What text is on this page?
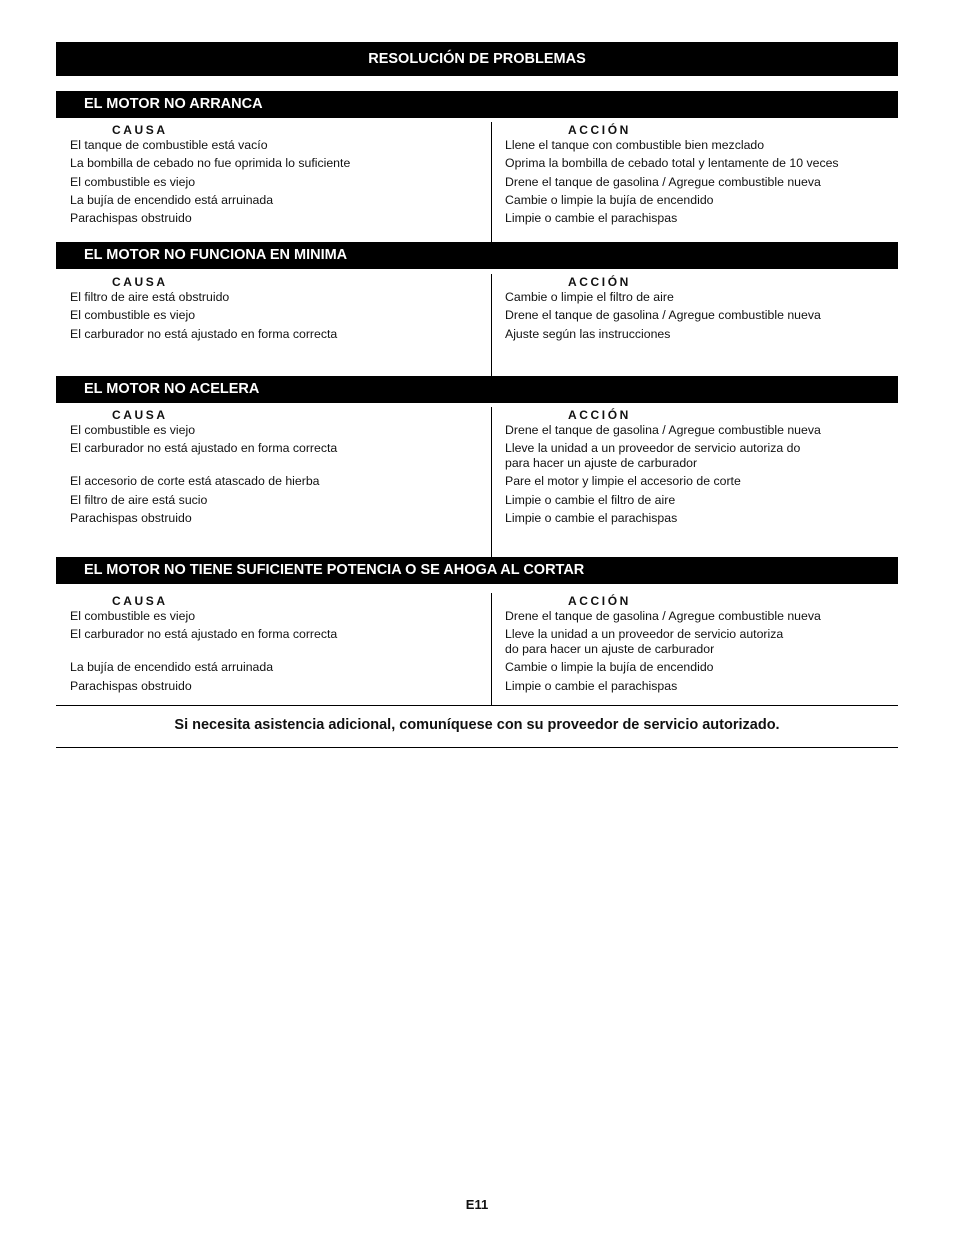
RESOLUCIÓN DE PROBLEMAS
EL MOTOR NO ARRANCA
CAUSA
El tanque de combustible está vacío
La bombilla de cebado no fue oprimida lo suficiente
El combustible es viejo
La bujía de encendido está arruinada
Parachispas obstruido
ACCIÓN
Llene el tanque con combustible bien mezclado
Oprima la bombilla de cebado total y lentamente de 10 veces
Drene el tanque de gasolina / Agregue combustible nueva
Cambie o limpie la bujía de encendido
Limpie o cambie el parachispas
EL MOTOR NO FUNCIONA EN MINIMA
CAUSA
El filtro de aire está obstruido
El combustible es viejo
El carburador no está ajustado en forma correcta
ACCIÓN
Cambie o limpie el filtro de aire
Drene el tanque de gasolina / Agregue combustible nueva
Ajuste según las instrucciones
EL MOTOR NO ACELERA
CAUSA
El combustible es viejo
El carburador no está ajustado en forma correcta
El accesorio de corte está atascado de hierba
El filtro de aire está sucio
Parachispas obstruido
ACCIÓN
Drene el tanque de gasolina / Agregue combustible nueva
Lleve la unidad a un proveedor de servicio autoriza do
para hacer un ajuste de carburador
Pare el motor y limpie el accesorio de corte
Limpie o cambie el filtro de aire
Limpie o cambie el parachispas
EL MOTOR NO TIENE SUFICIENTE POTENCIA O SE AHOGA AL CORTAR
CAUSA
El combustible es viejo
El carburador no está ajustado en forma correcta
La bujía de encendido está arruinada
Parachispas obstruido
ACCIÓN
Drene el tanque de gasolina / Agregue combustible nueva
Lleve la unidad a un proveedor de servicio autoriza
do para hacer un ajuste de carburador
Cambie o limpie la bujía de encendido
Limpie o cambie el parachispas
Si necesita asistencia adicional, comuníquese con su proveedor de servicio autorizado.
E11
